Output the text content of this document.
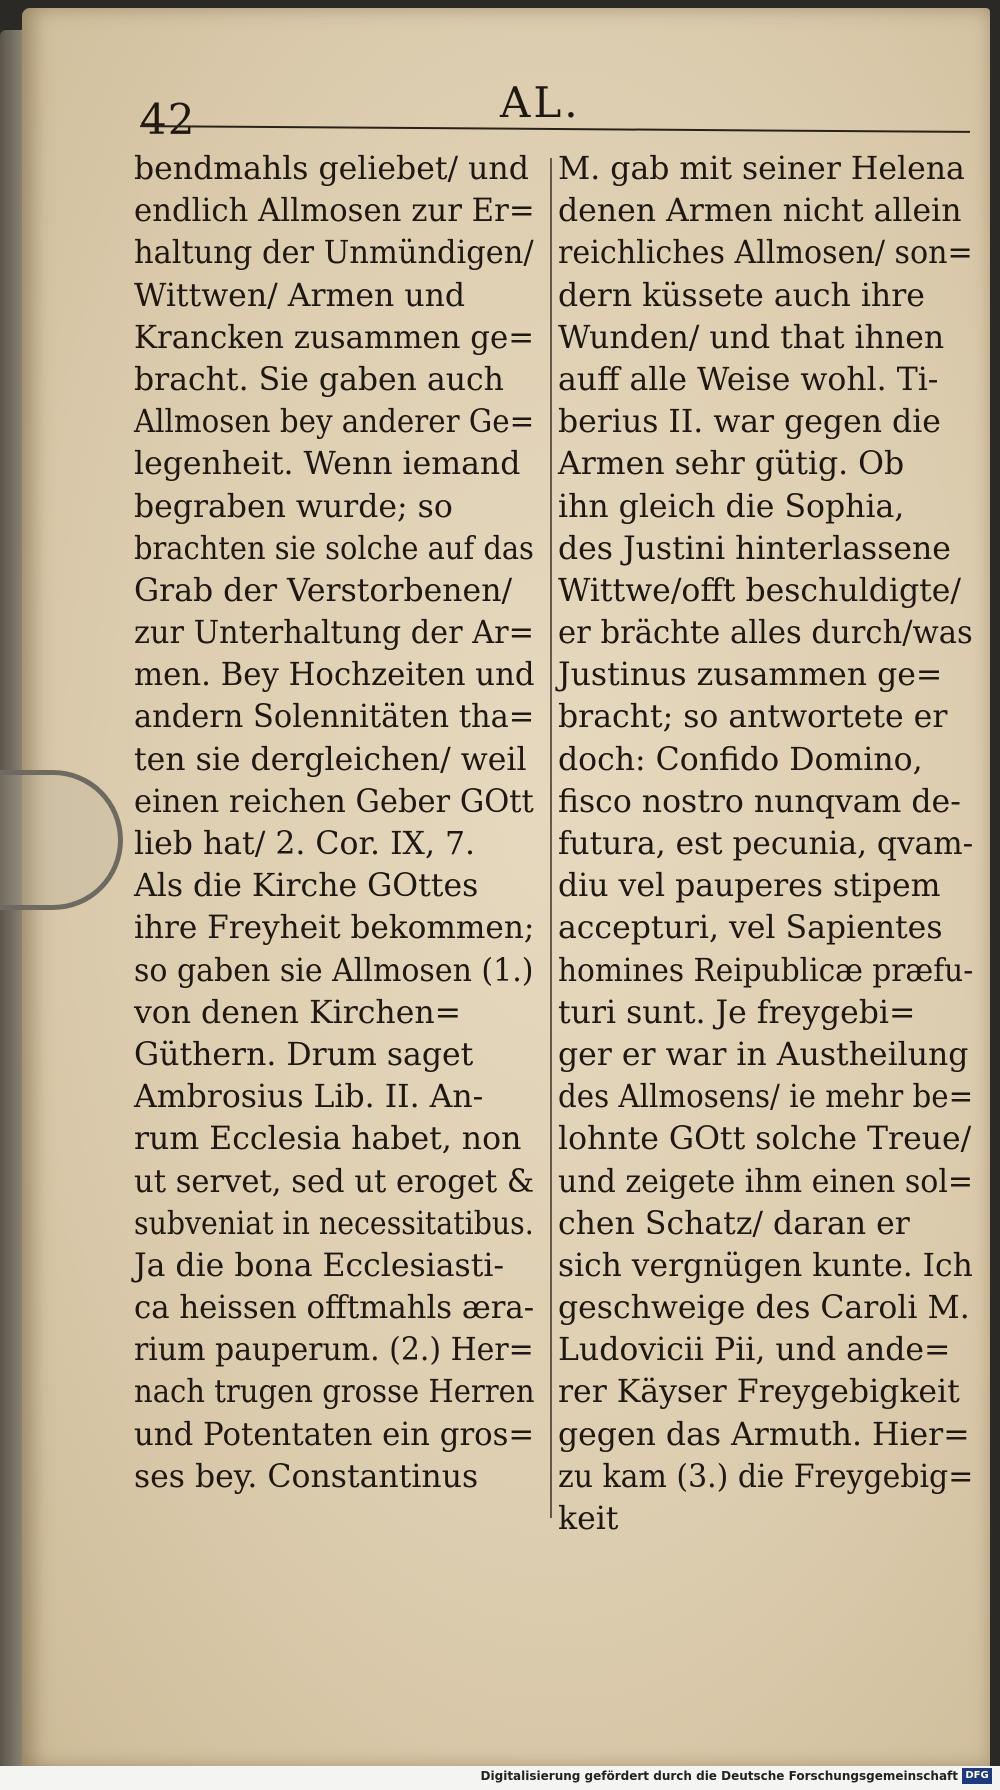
42	AL.
bendmahls geliebet/ und
endlich Allmosen zur Er=
haltung der Unmündigen/
Wittwen/ Armen und
Krancken zusammen ge=
bracht. Sie gaben auch
Allmosen bey anderer Ge=
legenheit. Wenn iemand
begraben wurde; so
brachten sie solche auf das
Grab der Verstorbenen/
zur Unterhaltung der Ar=
men. Bey Hochzeiten und
andern Solennitäten tha=
ten sie dergleichen/ weil
einen reichen Geber GOtt
lieb hat/ 2. Cor. IX, 7.
Als die Kirche GOttes
ihre Freyheit bekommen;
so gaben sie Allmosen (1.)
von denen Kirchen=
Güthern. Drum saget
Ambrosius Lib. II. An-
rum Ecclesia habet, non
ut servet, sed ut eroget &
subveniat in necessitatibus.
Ja die bona Ecclesiasti-
ca heissen offtmahls æra-
rium pauperum. (2.) Her=
nach trugen grosse Herren
und Potentaten ein gros=
ses bey. Constantinus
M. gab mit seiner Helena
denen Armen nicht allein
reichliches Allmosen/ son=
dern küssete auch ihre
Wunden/ und that ihnen
auff alle Weise wohl. Ti-
berius II. war gegen die
Armen sehr gütig. Ob
ihn gleich die Sophia,
des Justini hinterlassene
Wittwe/offt beschuldigte/
er brächte alles durch/was
Justinus zusammen ge=
bracht; so antwortete er
doch: Confido Domino,
fisco nostro nunqvam de-
futura, est pecunia, qvam-
diu vel pauperes stipem
accepturi, vel Sapientes
homines Reipublicæ præfu-
turi sunt. Je freygebi=
ger er war in Austheilung
des Allmosens/ ie mehr be=
lohnte GOtt solche Treue/
und zeigete ihm einen sol=
chen Schatz/ daran er
sich vergnügen kunte. Ich
geschweige des Caroli M.
Ludovicii Pii, und ande=
rer Käyser Freygebigkeit
gegen das Armuth. Hier=
zu kam (3.) die Freygebig=
keit
Digitalisierung gefördert durch die Deutsche Forschungsgemeinschaft DFG
